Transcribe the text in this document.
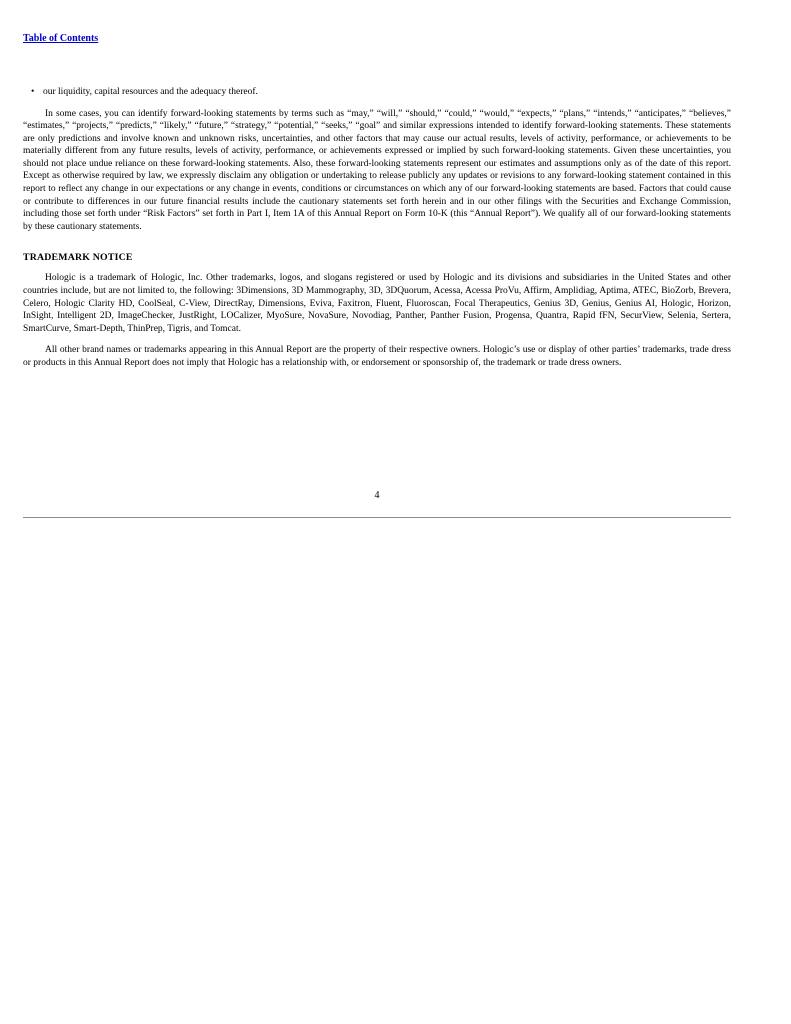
Table of Contents
• our liquidity, capital resources and the adequacy thereof.

In some cases, you can identify forward-looking statements by terms such as “may,” “will,” “should,” “could,” “would,” “expects,” “plans,” “intends,” “anticipates,” “believes,” “estimates,” “projects,” “predicts,” “likely,” “future,” “strategy,” “potential,” “seeks,” “goal” and similar expressions intended to identify forward-looking statements. These statements are only predictions and involve known and unknown risks, uncertainties, and other factors that may cause our actual results, levels of activity, performance, or achievements to be materially different from any future results, levels of activity, performance, or achievements expressed or implied by such forward-looking statements. Given these uncertainties, you should not place undue reliance on these forward-looking statements. Also, these forward-looking statements represent our estimates and assumptions only as of the date of this report. Except as otherwise required by law, we expressly disclaim any obligation or undertaking to release publicly any updates or revisions to any forward-looking statement contained in this report to reflect any change in our expectations or any change in events, conditions or circumstances on which any of our forward-looking statements are based. Factors that could cause or contribute to differences in our future financial results include the cautionary statements set forth herein and in our other filings with the Securities and Exchange Commission, including those set forth under “Risk Factors” set forth in Part I, Item 1A of this Annual Report on Form 10-K (this “Annual Report”). We qualify all of our forward-looking statements by these cautionary statements.

TRADEMARK NOTICE

Hologic is a trademark of Hologic, Inc. Other trademarks, logos, and slogans registered or used by Hologic and its divisions and subsidiaries in the United States and other countries include, but are not limited to, the following: 3Dimensions, 3D Mammography, 3D, 3DQuorum, Acessa, Acessa ProVu, Affirm, Amplidiag, Aptima, ATEC, BioZorb, Brevera, Celero, Hologic Clarity HD, CoolSeal, C-View, DirectRay, Dimensions, Eviva, Faxitron, Fluent, Fluoroscan, Focal Therapeutics, Genius 3D, Genius, Genius AI, Hologic, Horizon, InSight, Intelligent 2D, ImageChecker, JustRight, LOCalizer, MyoSure, NovaSure, Novodiag, Panther, Panther Fusion, Progensa, Quantra, Rapid fFN, SecurView, Selenia, Sertera, SmartCurve, Smart-Depth, ThinPrep, Tigris, and Tomcat.

All other brand names or trademarks appearing in this Annual Report are the property of their respective owners. Hologic’s use or display of other parties’ trademarks, trade dress or products in this Annual Report does not imply that Hologic has a relationship with, or endorsement or sponsorship of, the trademark or trade dress owners.

4
